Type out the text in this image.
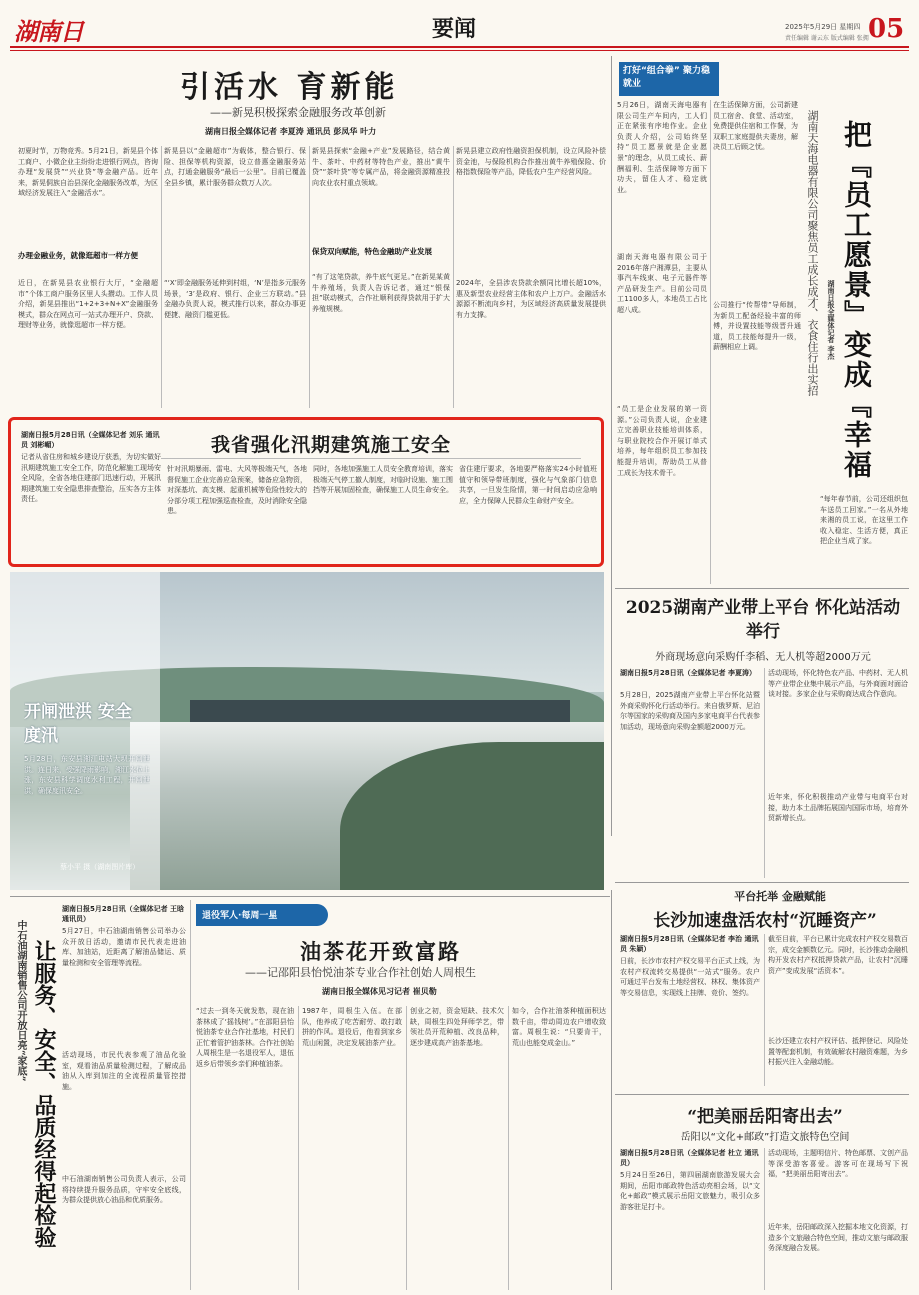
湖南日	要闻	2025年5月29日 星期四
责任编辑 谢云东 版式编辑 张拥 05
引活水 育新能
——新晃积极探索金融服务改革创新
湖南日报全媒体记者 李夏涛 通讯员 彭凤华 叶力
初夏时节，万物竞秀。5月21日，新晃县个体工商户、小微企业主纷纷走进银行网点，咨询办理“发展贷”“兴业贷”等金融产品。近年来，新晃侗族自治县深化金融服务改革，为区域经济发展注入“金融活水”。
办理金融业务，就像逛超市一样方便
近日，在新晃县农业银行大厅，“金融超市”个体工商户服务区里人头攒动。工作人员介绍，新晃县推出“1+2+3+N+X”金融服务模式，群众在网点可一站式办理开户、贷款、理财等业务，就像逛超市一样方便。
新晃县以“金融超市”为载体，整合银行、保险、担保等机构资源，设立普惠金融服务站点，打通金融服务“最后一公里”。目前已覆盖全县乡镇，累计服务群众数万人次。
“‘X’即金融服务延伸到村组，‘N’是指多元服务场景，‘3’是政府、银行、企业三方联动。”县金融办负责人说，模式推行以来，群众办事更便捷、融资门槛更低。
新晃县探索“金融+产业”发展路径，结合黄牛、茶叶、中药材等特色产业，推出“黄牛贷”“茶叶贷”等专属产品，将金融资源精准投向农业农村重点领域。
保贷双向赋能，特色金融助产业发展
“有了这笔贷款，养牛底气更足。”在新晃某黄牛养殖场，负责人告诉记者，通过“银保担”联动模式，合作社顺利获得贷款用于扩大养殖规模。
新晃县建立政府性融资担保机制，设立风险补偿资金池，与保险机构合作推出黄牛养殖保险、价格指数保险等产品，降低农户生产经营风险。
2024年，全县涉农贷款余额同比增长超10%，惠及新型农业经营主体和农户上万户。金融活水源源不断流向乡村，为区域经济高质量发展提供有力支撑。
我省强化汛期建筑施工安全
湖南日报5月28日讯（全媒体记者 刘乐 通讯员 刘彬嵋）
记者从省住房和城乡建设厅获悉，为切实做好汛期建筑施工安全工作，防范化解施工现场安全风险，全省各地住建部门迅速行动，开展汛期建筑施工安全隐患排查整治，压实各方主体责任。
针对汛期暴雨、雷电、大风等极端天气，各地督促施工企业完善应急预案，储备应急物资，对深基坑、高支模、起重机械等危险性较大的分部分项工程加强巡查检查，及时消除安全隐患。
同时，各地加强施工人员安全教育培训，落实极端天气停工撤人制度，对临时设施、施工围挡等开展加固检查，确保施工人员生命安全。
省住建厅要求，各地要严格落实24小时值班值守和领导带班制度，强化与气象部门信息共享，一旦发生险情，第一时间启动应急响应，全力保障人民群众生命财产安全。
开闸泄洪 安全度汛
5月28日，东安县湘江电站大坝开闸泄洪。连日来，受强降雨影响，湘江水位上涨，东安县科学调度水利工程，开闸泄洪，确保度汛安全。
蔡小平 摄（湖南图片库）
打好“组合拳” 聚力稳就业
把『员工愿景』变成『幸福
湖南天海电器有限公司聚焦员工成长成才、衣食住行出实招	湖南日报全媒体记者 李杰
5月26日，湖南天海电器有限公司生产车间内，工人们正在紧张有序地作业。企业负责人介绍，公司始终坚持“员工愿景就是企业愿景”的理念，从员工成长、薪酬福利、生活保障等方面下功夫，留住人才、稳定就业。
湖南天海电器有限公司于2016年落户湘潭县，主要从事汽车线束、电子元器件等产品研发生产。目前公司员工1100多人，本地员工占比超八成。
“员工是企业发展的第一资源。”公司负责人说，企业建立完善职业技能培训体系，与职业院校合作开展订单式培养，每年组织员工参加技能提升培训，帮助员工从普工成长为技术骨干。
公司推行“传帮带”导师制，为新员工配备经验丰富的师傅，并设置技能等级晋升通道，员工技能每提升一级，薪酬相应上调。
“每年春节前，公司还组织包车送员工回家。”一名从外地来湘的员工说，在这里工作收入稳定、生活方便，真正把企业当成了家。
在生活保障方面，公司新建员工宿舍、食堂、活动室，免费提供住宿和工作餐，为双职工家庭提供夫妻房，解决员工后顾之忧。
2025湖南产业带上平台 怀化站活动举行
外商现场意向采购仟李稻、无人机等超2000万元
湖南日报5月28日讯（全媒体记者 李夏涛）
5月28日，2025湖南产业带上平台怀化站暨外商采购怀化行活动举行。来自俄罗斯、尼泊尔等国家的采购商及国内多家电商平台代表参加活动，现场意向采购金额超2000万元。
活动现场，怀化特色农产品、中药材、无人机等产业带企业集中展示产品，与外商面对面洽谈对接。多家企业与采购商达成合作意向。
近年来，怀化积极推动产业带与电商平台对接，助力本土品牌拓展国内国际市场，培育外贸新增长点。
平台托举 金融赋能
长沙加速盘活农村“沉睡资产”
湖南日报5月28日讯（全媒体记者 李治 通讯员 朱颖）
日前，长沙市农村产权交易平台正式上线，为农村产权流转交易提供“一站式”服务。农户可通过平台发布土地经营权、林权、集体资产等交易信息，实现线上挂牌、竞价、签约。
截至目前，平台已累计完成农村产权交易数百宗，成交金额数亿元。同时，长沙推动金融机构开发农村产权抵押贷款产品，让农村“沉睡资产”变成发展“活资本”。
长沙还建立农村产权评估、抵押登记、风险处置等配套机制，有效破解农村融资难题，为乡村振兴注入金融动能。
“把美丽岳阳寄出去”
岳阳以“文化+邮政”打造文旅特色空间
湖南日报5月28日讯（全媒体记者 杜立 通讯员）
5月24日至26日，第四届湖南旅游发展大会期间，岳阳市邮政特色活动亮相会场，以“文化+邮政”模式展示岳阳文旅魅力，吸引众多游客驻足打卡。
活动现场，主题明信片、特色邮票、文创产品等深受游客喜爱。游客可在现场写下祝福，“把美丽岳阳寄出去”。
近年来，岳阳邮政深入挖掘本地文化资源，打造多个文旅融合特色空间，推动文旅与邮政服务深度融合发展。
让服务、安全、品质经得起检验
中石油湖南销售公司开放日亮“家底”
湖南日报5月28日讯（全媒体记者 王晗 通讯员）
5月27日，中石油湖南销售公司举办公众开放日活动，邀请市民代表走进油库、加油站，近距离了解油品储运、质量检测和安全管理等流程。
活动现场，市民代表参观了油品化验室，观看油品质量检测过程，了解成品油从入库到加注的全流程质量管控措施。
中石油湖南销售公司负责人表示，公司将持续提升服务品质，守牢安全底线，为群众提供放心油品和优质服务。
退役军人·每周一星
油茶花开致富路
——记邵阳县怡悦油茶专业合作社创始人周根生
湖南日报全媒体见习记者 崔贝勒
“过去一到冬天就发愁，现在油茶林成了‘摇钱树’。”在邵阳县怡悦油茶专业合作社基地，村民们正忙着管护油茶林。合作社创始人周根生是一名退役军人，退伍返乡后带领乡亲们种植油茶。
1987年，周根生入伍。在部队，他养成了吃苦耐劳、敢打敢拼的作风。退役后，他看到家乡荒山闲置，决定发展油茶产业。
创业之初，资金短缺、技术欠缺，周根生四处拜师学艺，带领社员开荒种植、改良品种，逐步建成高产油茶基地。
如今，合作社油茶种植面积达数千亩，带动周边农户增收致富。周根生说：“只要肯干，荒山也能变成金山。”
